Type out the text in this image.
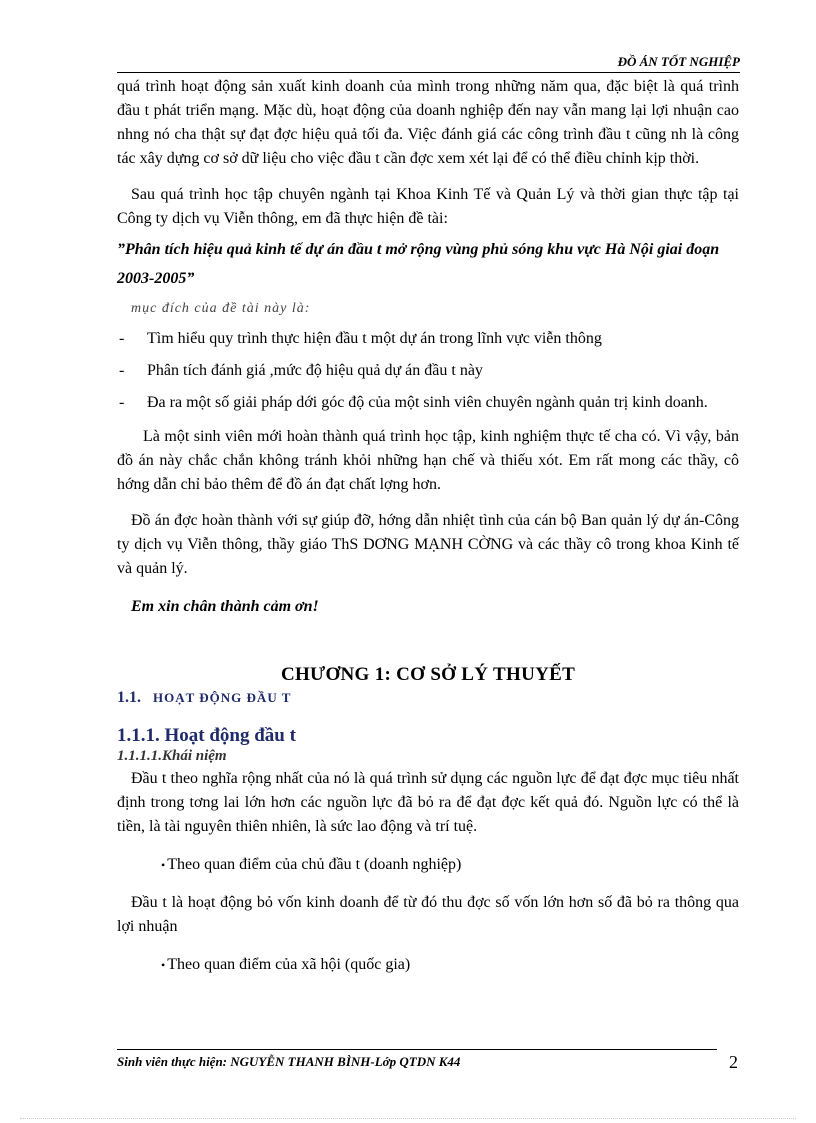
ĐỒ ÁN TỐT NGHIỆP

quá trình hoạt động sản xuất kinh doanh của mình trong những năm qua, đặc biệt là quá trình đầu t phát triển mạng. Mặc dù, hoạt động của doanh nghiệp đến nay vẫn mang lại lợi nhuận cao nhng nó cha thật sự đạt đợc hiệu quả tối đa. Việc đánh giá các công trình đầu t cũng nh là công tác xây dựng cơ sở dữ liệu cho việc đầu t cần đợc xem xét lại để có thể điều chỉnh kịp thời.

Sau quá trình học tập chuyên ngành tại Khoa Kinh Tế và Quản Lý và thời gian thực tập tại Công ty dịch vụ Viễn thông, em đã thực hiện đề tài:

”Phân tích hiệu quả kinh tế dự án đầu t mở rộng vùng phủ sóng khu vực Hà Nội giai đoạn 2003-2005”

mục đích của đề tài này là:

- Tìm hiểu quy trình thực hiện đầu t một dự án trong lĩnh vực viễn thông
- Phân tích đánh giá ,mức độ hiệu quả dự án đầu t này
- Đa ra một số giải pháp dới góc độ của một sinh viên chuyên ngành quản trị kinh doanh.

Là một sinh viên mới hoàn thành quá trình học tập, kinh nghiệm thực tế cha có. Vì vậy, bản đồ án này chắc chắn không tránh khỏi những hạn chế và thiếu xót. Em rất mong các thầy, cô hớng dẫn chỉ bảo thêm để đồ án đạt chất lợng hơn.

Đồ án đợc hoàn thành với sự giúp đỡ, hớng dẫn nhiệt tình của cán bộ Ban quản lý dự án-Công ty dịch vụ Viễn thông, thầy giáo ThS DƠNG MẠNH CỜNG và các thầy cô trong khoa Kinh tế và quản lý.

Em xin chân thành cảm ơn!

CHƯƠNG 1: CƠ SỞ LÝ THUYẾT

1.1. HOẠT ĐỘNG ĐẦU T

1.1.1. Hoạt động đầu t

1.1.1.1.Khái niệm

Đầu t theo nghĩa rộng nhất của nó là quá trình sử dụng các nguồn lực để đạt đợc mục tiêu nhất định trong tơng lai lớn hơn các nguồn lực đã bỏ ra để đạt đợc kết quả đó. Nguồn lực có thể là tiền, là tài nguyên thiên nhiên, là sức lao động và trí tuệ.

• Theo quan điểm của chủ đầu t (doanh nghiệp)

Đầu t là hoạt động bỏ vốn kinh doanh để từ đó thu đợc số vốn lớn hơn số đã bỏ ra thông qua lợi nhuận

• Theo quan điểm của xã hội (quốc gia)

Sinh viên thực hiện: NGUYỄN THANH BÌNH-Lớp QTDN K44	2
